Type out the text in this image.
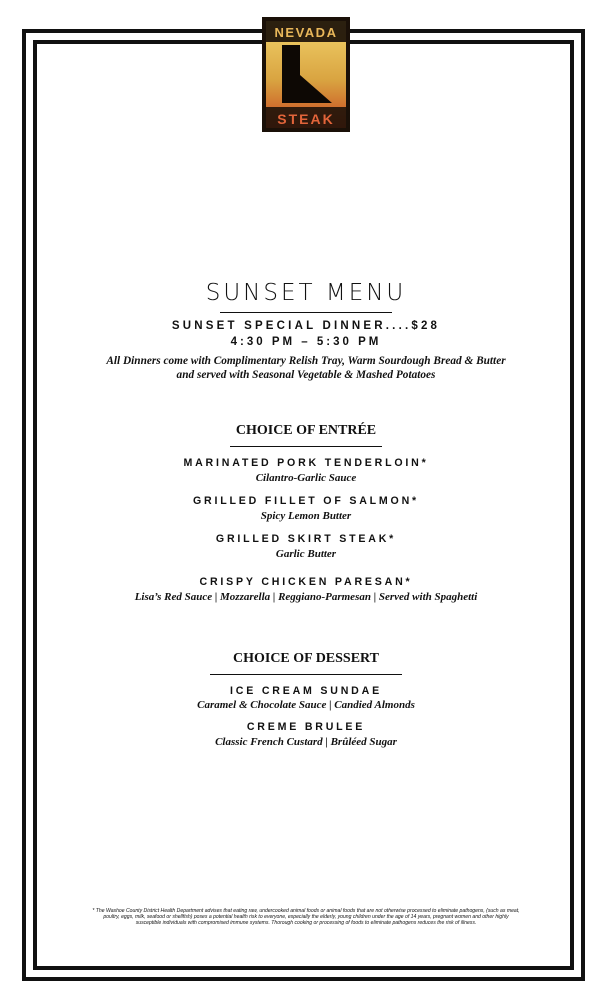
NEVADA
STEAK
SUNSET MENU
SUNSET SPECIAL DINNER....$28
4:30 PM – 5:30 PM
All Dinners come with Complimentary Relish Tray, Warm Sourdough Bread & Butter
and served with Seasonal Vegetable & Mashed Potatoes
CHOICE OF ENTRÉE
MARINATED PORK TENDERLOIN*
Cilantro-Garlic Sauce
GRILLED FILLET OF SALMON*
Spicy Lemon Butter
GRILLED SKIRT STEAK*
Garlic Butter
CRISPY CHICKEN PARESAN*
Lisa’s Red Sauce | Mozzarella | Reggiano-Parmesan | Served with Spaghetti
CHOICE OF DESSERT
ICE CREAM SUNDAE
Caramel & Chocolate Sauce | Candied Almonds
CREME BRULEE
Classic French Custard | Brûléed Sugar
* The Washoe County District Health Department advises that eating raw, undercooked animal foods or animal foods that are not otherwise processed to eliminate pathogens, (such as meat, poultry, eggs, milk, seafood or shellfish) poses a potential health risk to everyone, especially the elderly, young children under the age of 14 years, pregnant women and other highly susceptible individuals with compromised immune systems. Thorough cooking or processing of foods to eliminate pathogens reduces the risk of illness.
